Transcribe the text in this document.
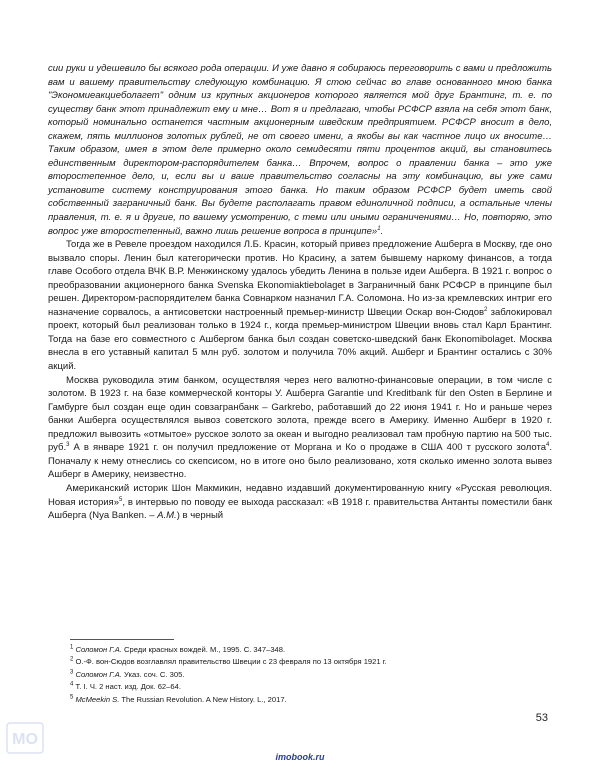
сии руки и удешевило бы всякого рода операции. И уже давно я собираюсь переговорить с вами и предложить вам и вашему правительству следующую комбинацию. Я стою сейчас во главе основанного мною банка "Экономиеакциеболагет" одним из крупных акционеров которого является мой друг Брантинг, т. е. по существу банк этот принадлежит ему и мне… Вот я и предлагаю, чтобы РСФСР взяла на себя этот банк, который номинально останется частным акционерным шведским предприятием. РСФСР вносит в дело, скажем, пять миллионов золотых рублей, не от своего имени, а якобы вы как частное лицо их вносите… Таким образом, имея в этом деле примерно около семидесяти пяти процентов акций, вы становитесь единственным директором-распорядителем банка… Впрочем, вопрос о правлении банка – это уже второстепенное дело, и, если вы и ваше правительство согласны на эту комбинацию, вы уже сами установите систему конструирования этого банка. Но таким образом РСФСР будет иметь свой собственный заграничный банк. Вы будете располагать правом единоличной подписи, а остальные члены правления, т. е. я и другие, по вашему усмотрению, с теми или иными ограничениями… Но, повторяю, это вопрос уже второстепенный, важно лишь решение вопроса в принципе»$^1$.

Тогда же в Ревеле проездом находился Л.Б. Красин, который привез предложение Ашберга в Москву, где оно вызвало споры. Ленин был категорически против. Но Красину, а затем бывшему наркому финансов, а тогда главе Особого отдела ВЧК В.Р. Менжинскому удалось убедить Ленина в пользе идеи Ашберга. В 1921 г. вопрос о преобразовании акционерного банка Svenska Ekonomiaktiebolaget в Заграничный банк РСФСР в принципе был решен. Директором-распорядителем банка Совнарком назначил Г.А. Соломона. Но из-за кремлевских интриг его назначение сорвалось, а антисоветски настроенный премьер-министр Швеции Оскар вон-Сюдов$^2$ заблокировал проект, который был реализован только в 1924 г., когда премьер-министром Швеции вновь стал Карл Брантинг. Тогда на базе его совместного с Ашбергом банка был создан советско-шведский банк Ekonomibolaget. Москва внесла в его уставный капитал 5 млн руб. золотом и получила 70% акций. Ашберг и Брантинг остались с 30% акций.

Москва руководила этим банком, осуществляя через него валютно-финансовые операции, в том числе с золотом. В 1923 г. на базе коммерческой конторы У. Ашберга Garantie und Kreditbank für den Osten в Берлине и Гамбурге был создан еще один совзагранбанк – Garkrebo, работавший до 22 июня 1941 г. Но и раньше через банки Ашберга осуществлялся вывоз советского золота, прежде всего в Америку. Именно Ашберг в 1920 г. предложил вывозить «отмытое» русское золото за океан и выгодно реализовал там пробную партию на 500 тыс. руб.$^3$ А в январе 1921 г. он получил предложение от Моргана и Ко о продаже в США 400 т русского золота$^4$. Поначалу к нему отнеслись со скепсисом, но в итоге оно было реализовано, хотя сколько именно золота вывез Ашберг в Америку, неизвестно.

Американский историк Шон Макмикин, недавно издавший документированную книгу «Русская революция. Новая история»$^5$, в интервью по поводу ее выхода рассказал: «В 1918 г. правительства Антанты поместили банк Ашберга (Nya Banken. – А.М.) в черный

$^1$ Соломон Г.А. Среди красных вождей. М., 1995. С. 347–348.
$^2$ О.-Ф. вон-Сюдов возглавлял правительство Швеции с 23 февраля по 13 октября 1921 г.
$^3$ Соломон Г.А. Указ. соч. С. 305.
$^4$ Т. I. Ч. 2 наст. изд. Док. 62–64.
$^5$ McMeekin S. The Russian Revolution. A New History. L., 2017.
53
МО
imobook.ru
